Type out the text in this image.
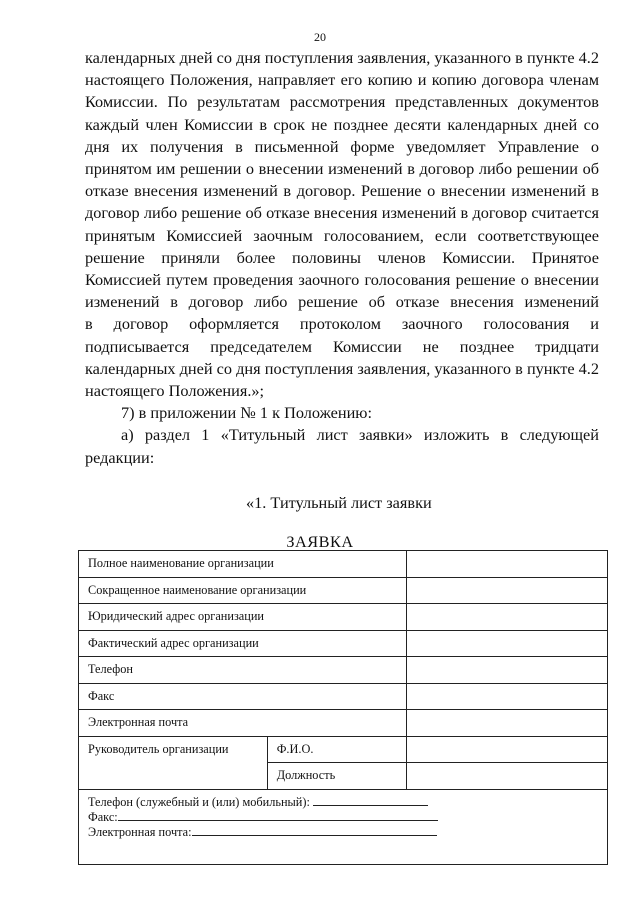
20

календарных дней со дня поступления заявления, указанного в пункте 4.2

настоящего Положения, направляет его копию и копию договора членам

Комиссии. По результатам рассмотрения представленных документов

каждый член Комиссии в срок не позднее десяти календарных дней со

дня их получения в письменной форме уведомляет Управление о

принятом им решении о внесении изменений в договор либо решении об

отказе внесения изменений в договор. Решение о внесении изменений в

договор либо решение об отказе внесения изменений в договор считается

принятым Комиссией заочным голосованием, если соответствующее

решение приняли более половины членов Комиссии. Принятое

Комиссией путем проведения заочного голосования решение о внесении

изменений в договор либо решение об отказе внесения изменений

в договор оформляется протоколом заочного голосования и

подписывается председателем Комиссии не позднее тридцати

календарных дней со дня поступления заявления, указанного в пункте 4.2

настоящего Положения.»;

7) в приложении № 1 к Положению:

а) раздел 1 «Титульный лист заявки» изложить в следующей

редакции:

«1. Титульный лист заявки
ЗАЯВКА
Полное наименование организации		
Сокращенное наименование организации		
Юридический адрес организации		
Фактический адрес организации		
Телефон		
Факс		
Электронная почта		
Руководитель организации	Ф.И.О.	
	Должность	

Телефон (служебный и (или) мобильный):
Факс:
Электронная почта:		
